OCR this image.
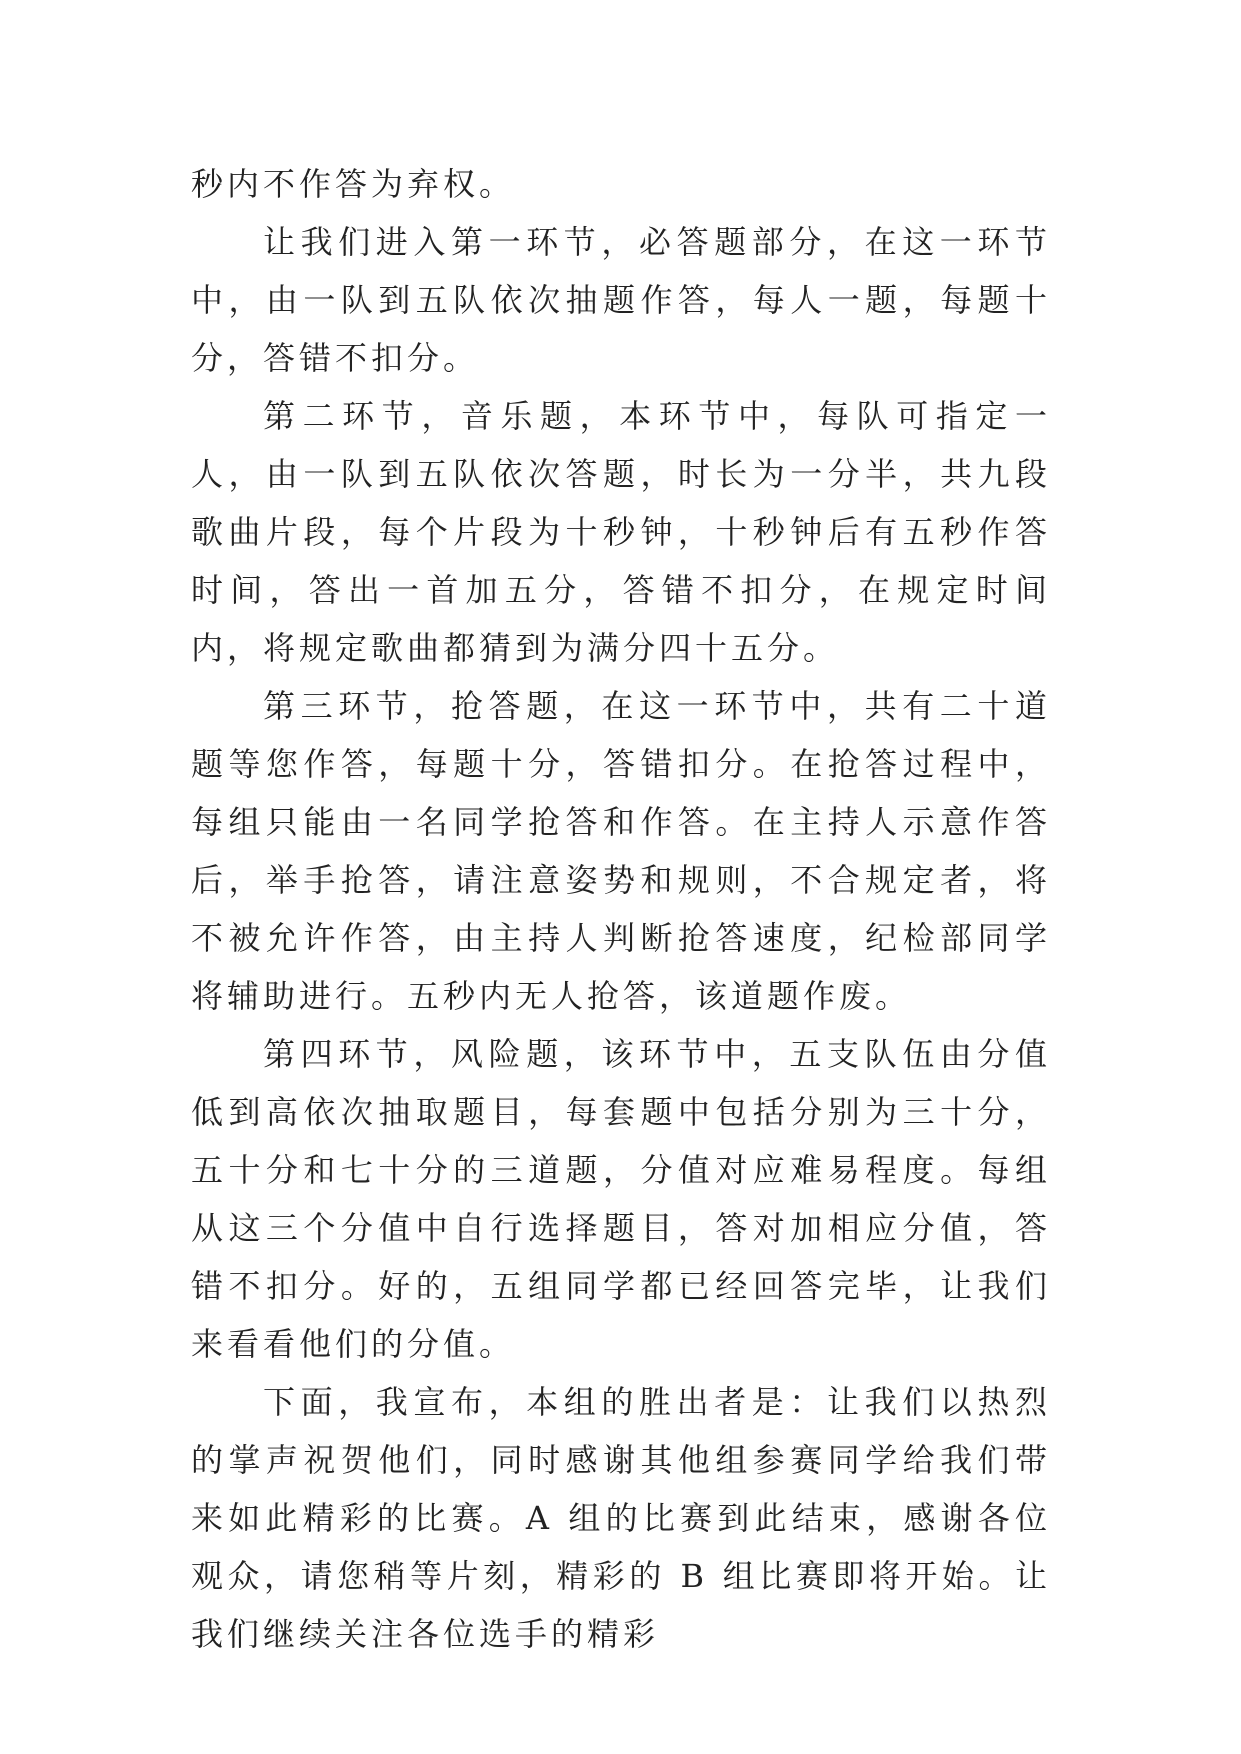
秒内不作答为弃权。

让我们进入第一环节，必答题部分，在这一环节中，由一队到五队依次抽题作答，每人一题，每题十分，答错不扣分。

第二环节，音乐题，本环节中，每队可指定一人，由一队到五队依次答题，时长为一分半，共九段歌曲片段，每个片段为十秒钟，十秒钟后有五秒作答时间，答出一首加五分，答错不扣分，在规定时间内，将规定歌曲都猜到为满分四十五分。

第三环节，抢答题，在这一环节中，共有二十道题等您作答，每题十分，答错扣分。在抢答过程中，每组只能由一名同学抢答和作答。在主持人示意作答后，举手抢答，请注意姿势和规则，不合规定者，将不被允许作答，由主持人判断抢答速度，纪检部同学将辅助进行。五秒内无人抢答，该道题作废。

第四环节，风险题，该环节中，五支队伍由分值低到高依次抽取题目，每套题中包括分别为三十分，五十分和七十分的三道题，分值对应难易程度。每组从这三个分值中自行选择题目，答对加相应分值，答错不扣分。好的，五组同学都已经回答完毕，让我们来看看他们的分值。

下面，我宣布，本组的胜出者是：让我们以热烈的掌声祝贺他们，同时感谢其他组参赛同学给我们带来如此精彩的比赛。A 组的比赛到此结束，感谢各位观众，请您稍等片刻，精彩的 B 组比赛即将开始。让我们继续关注各位选手的精彩
